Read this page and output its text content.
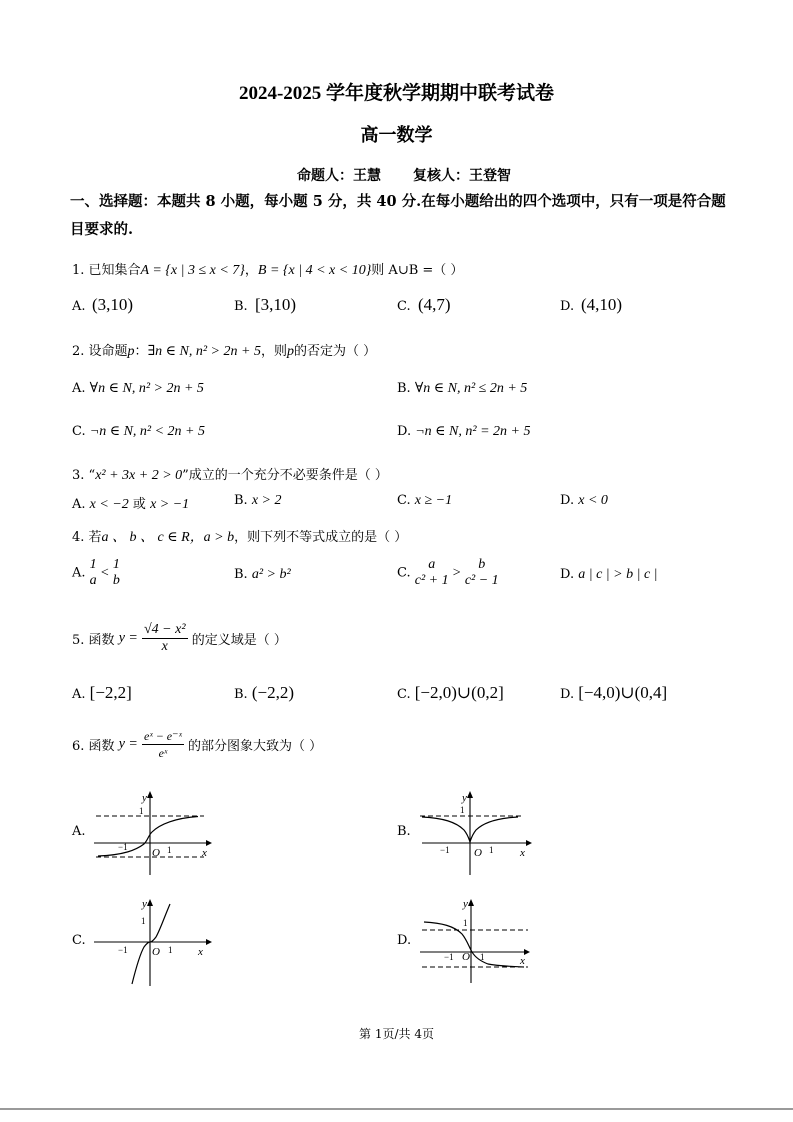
2024-2025 学年度秋学期期中联考试卷
高一数学
命题人：王慧 复核人：王登智
一、选择题：本题共 8 小题，每小题 5 分，共 40 分.在每小题给出的四个选项中，只有一项是符合题目要求的.
1. 已知集合A = {x | 3 ≤ x < 7}，B = {x | 4 < x < 10}则 A∪B =（ ）
A. (3,10)	B. [3,10)	C. (4,7)	D. (4,10)
2. 设命题p：∃n ∈ N, n² > 2n + 5，则p的否定为（ ）
A. ∀n ∈ N, n² > 2n + 5	B. ∀n ∈ N, n² ≤ 2n + 5
C. ¬n ∈ N, n² < 2n + 5	D. ¬n ∈ N, n² = 2n + 5
3. “x² + 3x + 2 > 0”成立的一个充分不必要条件是（ ）
A. x < −2 或 x > −1	B. x > 2	C. x ≥ −1	D. x < 0
4. 若a 、 b 、 c ∈ R，a > b，则下列不等式成立的是（ ）
A.
1
a <
1
b	B. a² > b²	C.
a
c² + 1 >
b
c² − 1	D. a | c | > b | c |
5. 函数 $y = \frac{\text{√4 − x²}}{x}$ 的定义域是（ ）
A. [−2,2]	B. (−2,2)	C. [−2,0)∪(0,2]	D. [−4,0)∪(0,4]
6. 函数 $y = \frac{\text{eˣ − e⁻ˣ}}{\text{eˣ}}$ 的部分图象大致为（ ）
A.	B.
C.	D.
y
x
O
1
1
−1
y
x
O
1
1
−1
y
x
O
1
1
−1
y
x
O
1
1
−1
第 1页/共 4页
